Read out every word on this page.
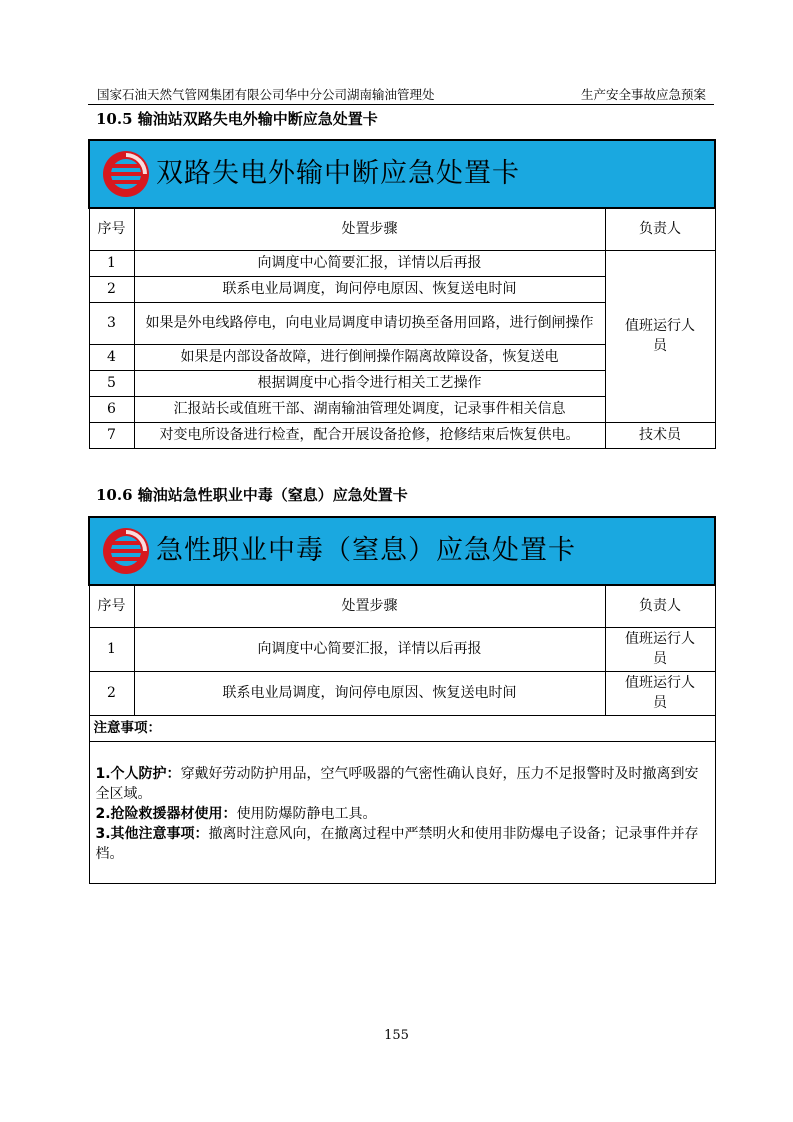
国家石油天然气管网集团有限公司华中分公司湖南输油管理处	生产安全事故应急预案
10.5 输油站双路失电外输中断应急处置卡
双路失电外输中断应急处置卡		

序号	处置步骤	负责人
1	向调度中心简要汇报，详情以后再报	值班运行人员
2	联系电业局调度，询问停电原因、恢复送电时间	
3	如果是外电线路停电，向电业局调度申请切换至备用回路，进行倒闸操作	
4	如果是内部设备故障，进行倒闸操作隔离故障设备，恢复送电	
5	根据调度中心指令进行相关工艺操作	
6	汇报站长或值班干部、湖南输油管理处调度，记录事件相关信息	
7	对变电所设备进行检查，配合开展设备抢修，抢修结束后恢复供电。	技术员
10.6 输油站急性职业中毒（窒息）应急处置卡
急性职业中毒（窒息）应急处置卡		

序号	处置步骤	负责人
1	向调度中心简要汇报，详情以后再报	值班运行人员
2	联系电业局调度，询问停电原因、恢复送电时间	值班运行人员
注意事项：		

1.个人防护：穿戴好劳动防护用品，空气呼吸器的气密性确认良好，压力不足报警时及时撤离到安全区域。

2.抢险救援器材使用：使用防爆防静电工具。

3.其他注意事项：撤离时注意风向，在撤离过程中严禁明火和使用非防爆电子设备；记录事件并存档。		

155
